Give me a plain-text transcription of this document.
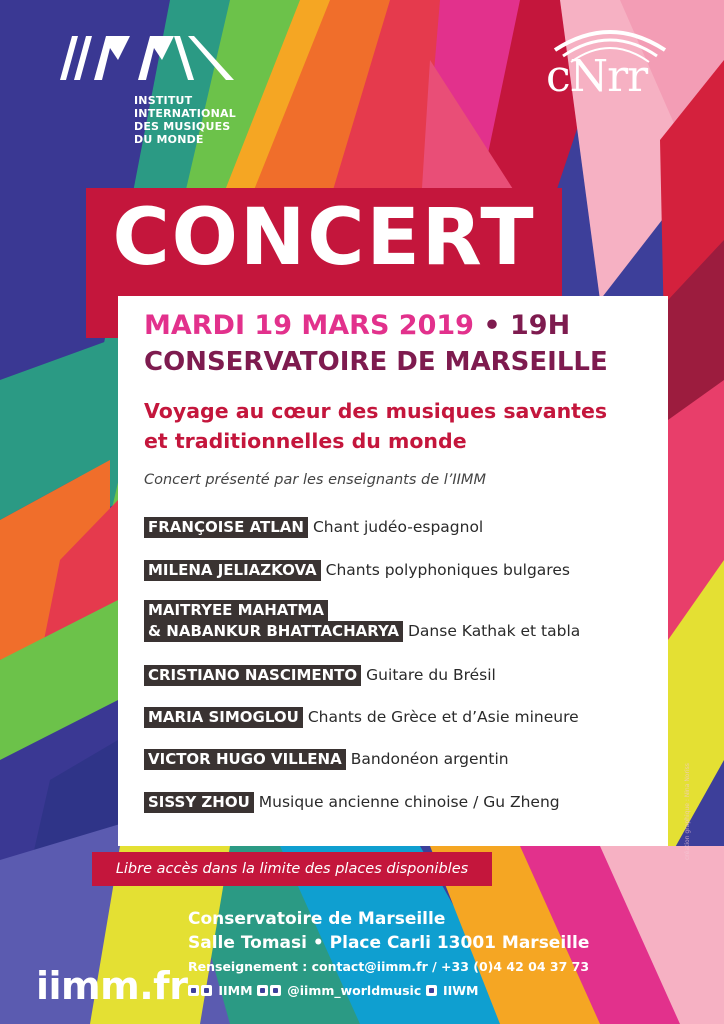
INSTITUT
INTERNATIONAL
DES MUSIQUES
DU MONDE
cNrr
CONCERT
MARDI 19 MARS 2019 • 19H
CONSERVATOIRE DE MARSEILLE
Voyage au cœur des musiques savantes
et traditionnelles du monde
Concert présenté par les enseignants de l’IIMM
FRANÇOISE ATLAN Chant judéo-espagnol
MILENA JELIAZKOVA Chants polyphoniques bulgares
MAITRYEE MAHATMA
& NABANKUR BHATTACHARYA Danse Kathak et tabla
CRISTIANO NASCIMENTO Guitare du Brésil
MARIA SIMOGLOU Chants de Grèce et d’Asie mineure
VICTOR HUGO VILLENA Bandonéon argentin
SISSY ZHOU Musique ancienne chinoise / Gu Zheng
Libre accès dans la limite des places disponibles
Conservatoire de Marseille
Salle Tomasi • Place Carli 13001 Marseille
Renseignement : contact@iimm.fr / +33 (0)4 42 04 37 73
IIMM	@iimm_worldmusic IIWM
iimm.fr
création graphique : Nina Noriss
